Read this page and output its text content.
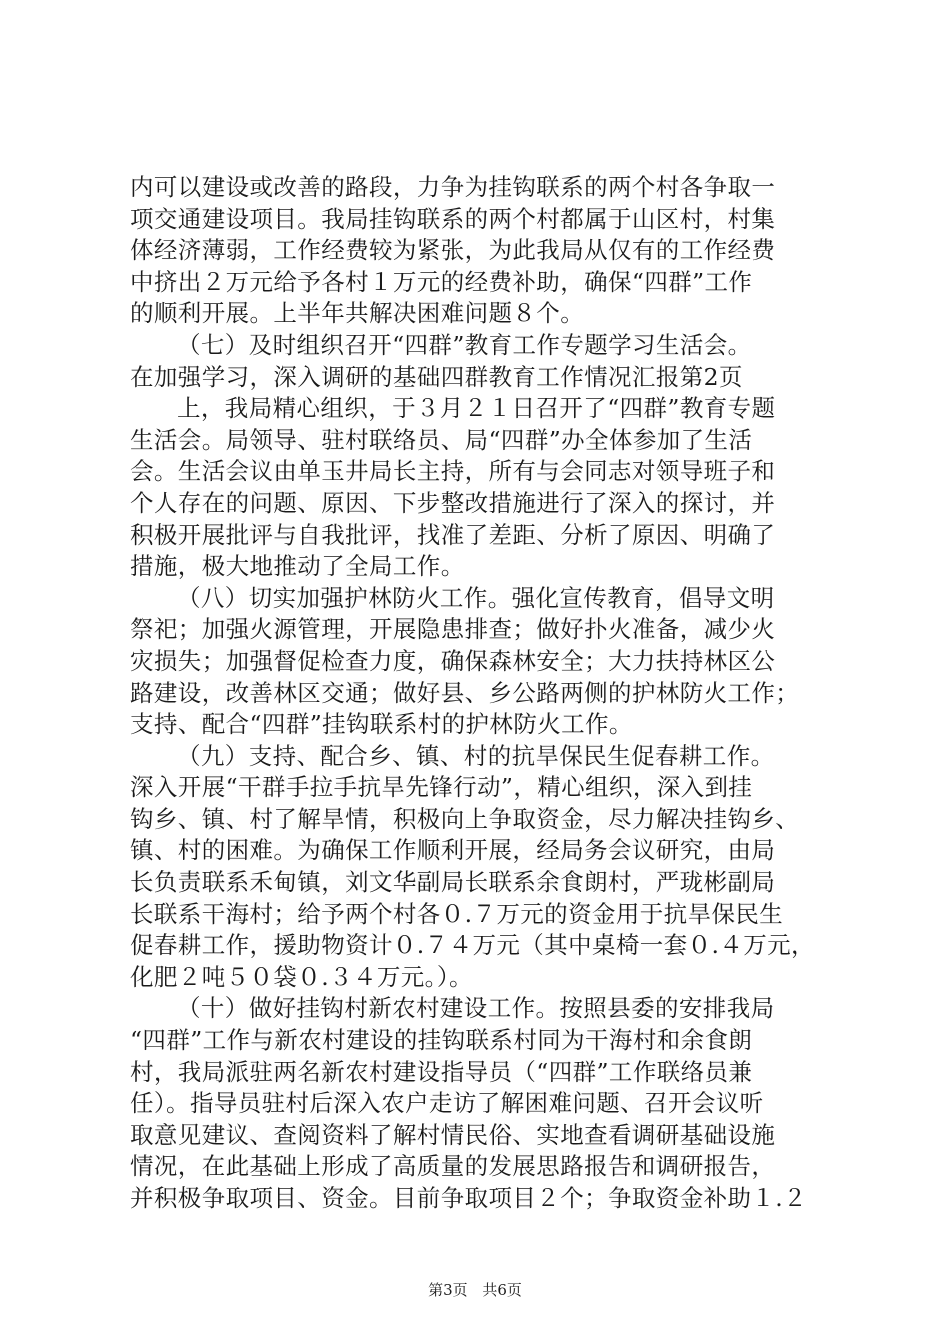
内可以建设或改善的路段，力争为挂钩联系的两个村各争取一
项交通建设项目。我局挂钩联系的两个村都属于山区村，村集
体经济薄弱，工作经费较为紧张，为此我局从仅有的工作经费
中挤出２万元给予各村１万元的经费补助，确保“四群”工作
的顺利开展。上半年共解决困难问题８个。
（七）及时组织召开“四群”教育工作专题学习生活会。
在加强学习，深入调研的基础四群教育工作情况汇报第2页
上，我局精心组织，于３月２１日召开了“四群”教育专题
生活会。局领导、驻村联络员、局“四群”办全体参加了生活
会。生活会议由单玉井局长主持，所有与会同志对领导班子和
个人存在的问题、原因、下步整改措施进行了深入的探讨，并
积极开展批评与自我批评，找准了差距、分析了原因、明确了
措施，极大地推动了全局工作。
（八）切实加强护林防火工作。强化宣传教育，倡导文明
祭祀；加强火源管理，开展隐患排查；做好扑火准备，减少火
灾损失；加强督促检查力度，确保森林安全；大力扶持林区公
路建设，改善林区交通；做好县、乡公路两侧的护林防火工作；
支持、配合“四群”挂钩联系村的护林防火工作。
（九）支持、配合乡、镇、村的抗旱保民生促春耕工作。
深入开展“干群手拉手抗旱先锋行动”，精心组织，深入到挂
钩乡、镇、村了解旱情，积极向上争取资金，尽力解决挂钩乡、
镇、村的困难。为确保工作顺利开展，经局务会议研究，由局
长负责联系禾甸镇，刘文华副局长联系余食朗村，严珑彬副局
长联系干海村；给予两个村各０.７万元的资金用于抗旱保民生
促春耕工作，援助物资计０.７４万元（其中桌椅一套０.４万元，
化肥２吨５０袋０.３４万元。）。
（十）做好挂钩村新农村建设工作。按照县委的安排我局
“四群”工作与新农村建设的挂钩联系村同为干海村和余食朗
村，我局派驻两名新农村建设指导员（“四群”工作联络员兼
任）。指导员驻村后深入农户走访了解困难问题、召开会议听
取意见建议、查阅资料了解村情民俗、实地查看调研基础设施
情况，在此基础上形成了高质量的发展思路报告和调研报告，
并积极争取项目、资金。目前争取项目２个；争取资金补助１.２
第3页 共6页
